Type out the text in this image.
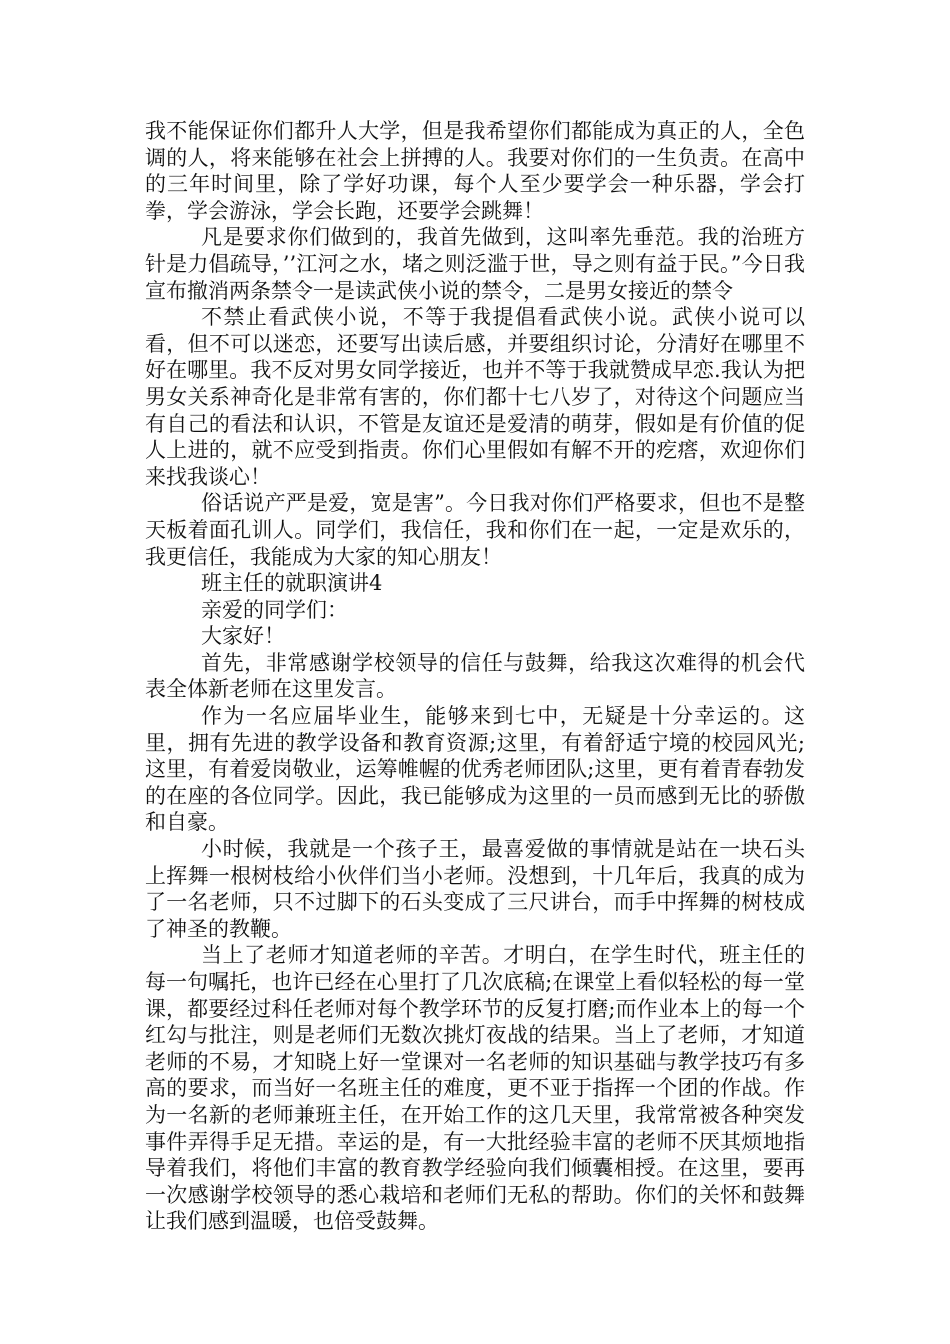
我不能保证你们都升人大学，但是我希望你们都能成为真正的人，全色调的人，将来能够在社会上拼搏的人。我要对你们的一生负责。在高中的三年时间里，除了学好功课，每个人至少要学会一种乐器，学会打拳，学会游泳，学会长跑，还要学会跳舞！

凡是要求你们做到的，我首先做到，这叫率先垂范。我的治班方针是力倡疏导，’’江河之水，堵之则泛滥于世，导之则有益于民。”今日我宣布撤消两条禁令一是读武侠小说的禁令，二是男女接近的禁令

不禁止看武侠小说，不等于我提倡看武侠小说。武侠小说可以看，但不可以迷恋，还要写出读后感，并要组织讨论，分清好在哪里不好在哪里。我不反对男女同学接近，也并不等于我就赞成早恋.我认为把男女关系神奇化是非常有害的，你们都十七八岁了，对待这个问题应当有自己的看法和认识，不管是友谊还是爱清的萌芽，假如是有价值的促人上进的，就不应受到指责。你们心里假如有解不开的疙瘩，欢迎你们来找我谈心！

俗话说产严是爱，宽是害”。今日我对你们严格要求，但也不是整天板着面孔训人。同学们，我信任，我和你们在一起，一定是欢乐的，我更信任，我能成为大家的知心朋友！

班主任的就职演讲4

亲爱的同学们：

大家好！

首先，非常感谢学校领导的信任与鼓舞，给我这次难得的机会代表全体新老师在这里发言。

作为一名应届毕业生，能够来到七中，无疑是十分幸运的。这里，拥有先进的教学设备和教育资源;这里，有着舒适宁境的校园风光;这里，有着爱岗敬业，运筹帷幄的优秀老师团队;这里，更有着青春勃发的在座的各位同学。因此，我已能够成为这里的一员而感到无比的骄傲和自豪。

小时候，我就是一个孩子王，最喜爱做的事情就是站在一块石头上挥舞一根树枝给小伙伴们当小老师。没想到，十几年后，我真的成为了一名老师，只不过脚下的石头变成了三尺讲台，而手中挥舞的树枝成了神圣的教鞭。

当上了老师才知道老师的辛苦。才明白，在学生时代，班主任的每一句嘱托，也许已经在心里打了几次底稿;在课堂上看似轻松的每一堂课，都要经过科任老师对每个教学环节的反复打磨;而作业本上的每一个红勾与批注，则是老师们无数次挑灯夜战的结果。当上了老师，才知道老师的不易，才知晓上好一堂课对一名老师的知识基础与教学技巧有多高的要求，而当好一名班主任的难度，更不亚于指挥一个团的作战。作为一名新的老师兼班主任，在开始工作的这几天里，我常常被各种突发事件弄得手足无措。幸运的是，有一大批经验丰富的老师不厌其烦地指导着我们，将他们丰富的教育教学经验向我们倾囊相授。在这里，要再一次感谢学校领导的悉心栽培和老师们无私的帮助。你们的关怀和鼓舞让我们感到温暖，也倍受鼓舞。
